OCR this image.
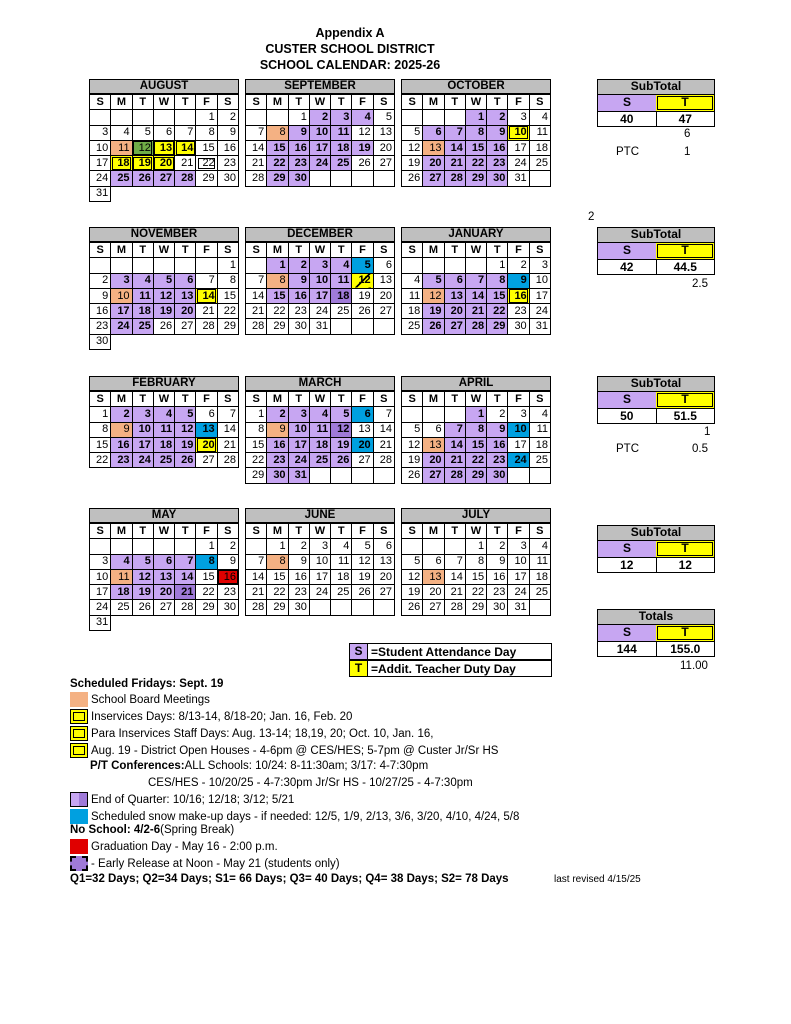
Appendix A
CUSTER SCHOOL DISTRICT
SCHOOL CALENDAR: 2025-26
AUGUST
S	M	T	W	T	F	S
					1	2
3	4	5	6	7	8	9
10	11	12	13	14	15	16
17	18	19	20	21	22	23
24	25	26	27	28	29	30
31						
SEPTEMBER
S	M	T	W	T	F	S
		1	2	3	4	5
7	8	9	10	11	12	13
14	15	16	17	18	19	20
21	22	23	24	25	26	27
28	29	30				
OCTOBER
S	M	T	W	T	F	S
			1	2	3	4
5	6	7	8	9	10	11
12	13	14	15	16	17	18
19	20	21	22	23	24	25
26	27	28	29	30	31	
NOVEMBER
S	M	T	W	T	F	S
						1
2	3	4	5	6	7	8
9	10	11	12	13	14	15
16	17	18	19	20	21	22
23	24	25	26	27	28	29
30						
DECEMBER
S	M	T	W	T	F	S
	1	2	3	4	5	6
7	8	9	10	11	12	13
14	15	16	17	18	19	20
21	22	23	24	25	26	27
28	29	30	31			
JANUARY
S	M	T	W	T	F	S
				1	2	3
4	5	6	7	8	9	10
11	12	13	14	15	16	17
18	19	20	21	22	23	24
25	26	27	28	29	30	31
FEBRUARY
S	M	T	W	T	F	S
1	2	3	4	5	6	7
8	9	10	11	12	13	14
15	16	17	18	19	20	21
22	23	24	25	26	27	28
MARCH
S	M	T	W	T	F	S
1	2	3	4	5	6	7
8	9	10	11	12	13	14
15	16	17	18	19	20	21
22	23	24	25	26	27	28
29	30	31				
APRIL
S	M	T	W	T	F	S
			1	2	3	4
5	6	7	8	9	10	11
12	13	14	15	16	17	18
19	20	21	22	23	24	25
26	27	28	29	30		
MAY
S	M	T	W	T	F	S
					1	2
3	4	5	6	7	8	9
10	11	12	13	14	15	16
17	18	19	20	21	22	23
24	25	26	27	28	29	30
31						
JUNE
S	M	T	W	T	F	S
	1	2	3	4	5	6
7	8	9	10	11	12	13
14	15	16	17	18	19	20
21	22	23	24	25	26	27
28	29	30				
JULY
S	M	T	W	T	F	S
			1	2	3	4
5	6	7	8	9	10	11
12	13	14	15	16	17	18
19	20	21	22	23	24	25
26	27	28	29	30	31	
SubTotal
S	T
40	47
SubTotal
S	T
42	44.5
SubTotal
S	T
50	51.5
SubTotal
S	T
12	12
Totals
S	T
144	155.0
6
PTC	1
2
2.5
1
PTC	0.5
11.00
S =Student Attendance Day
T =Addit. Teacher Duty Day
Scheduled Fridays: Sept. 19
School Board Meetings
Inservices Days: 8/13-14, 8/18-20; Jan. 16, Feb. 20
Para Inservices Staff Days: Aug. 13-14; 18,19, 20; Oct. 10, Jan. 16,
Aug. 19 - District Open Houses - 4-6pm @ CES/HES; 5-7pm @ Custer Jr/Sr HS
P/T Conferences: ALL Schools: 10/24: 8-11:30am; 3/17: 4-7:30pm
CES/HES - 10/20/25 - 4-7:30pm Jr/Sr HS - 10/27/25 - 4-7:30pm
End of Quarter: 10/16; 12/18; 3/12; 5/21
Scheduled snow make-up days - if needed: 12/5, 1/9, 2/13, 3/6, 3/20, 4/10, 4/24, 5/8
No School: 4/2-6 (Spring Break)
Graduation Day - May 16 - 2:00 p.m.
- Early Release at Noon - May 21 (students only)
Q1=32 Days; Q2=34 Days; S1= 66 Days; Q3= 40 Days; Q4= 38 Days; S2= 78 Days	last revised 4/15/25
